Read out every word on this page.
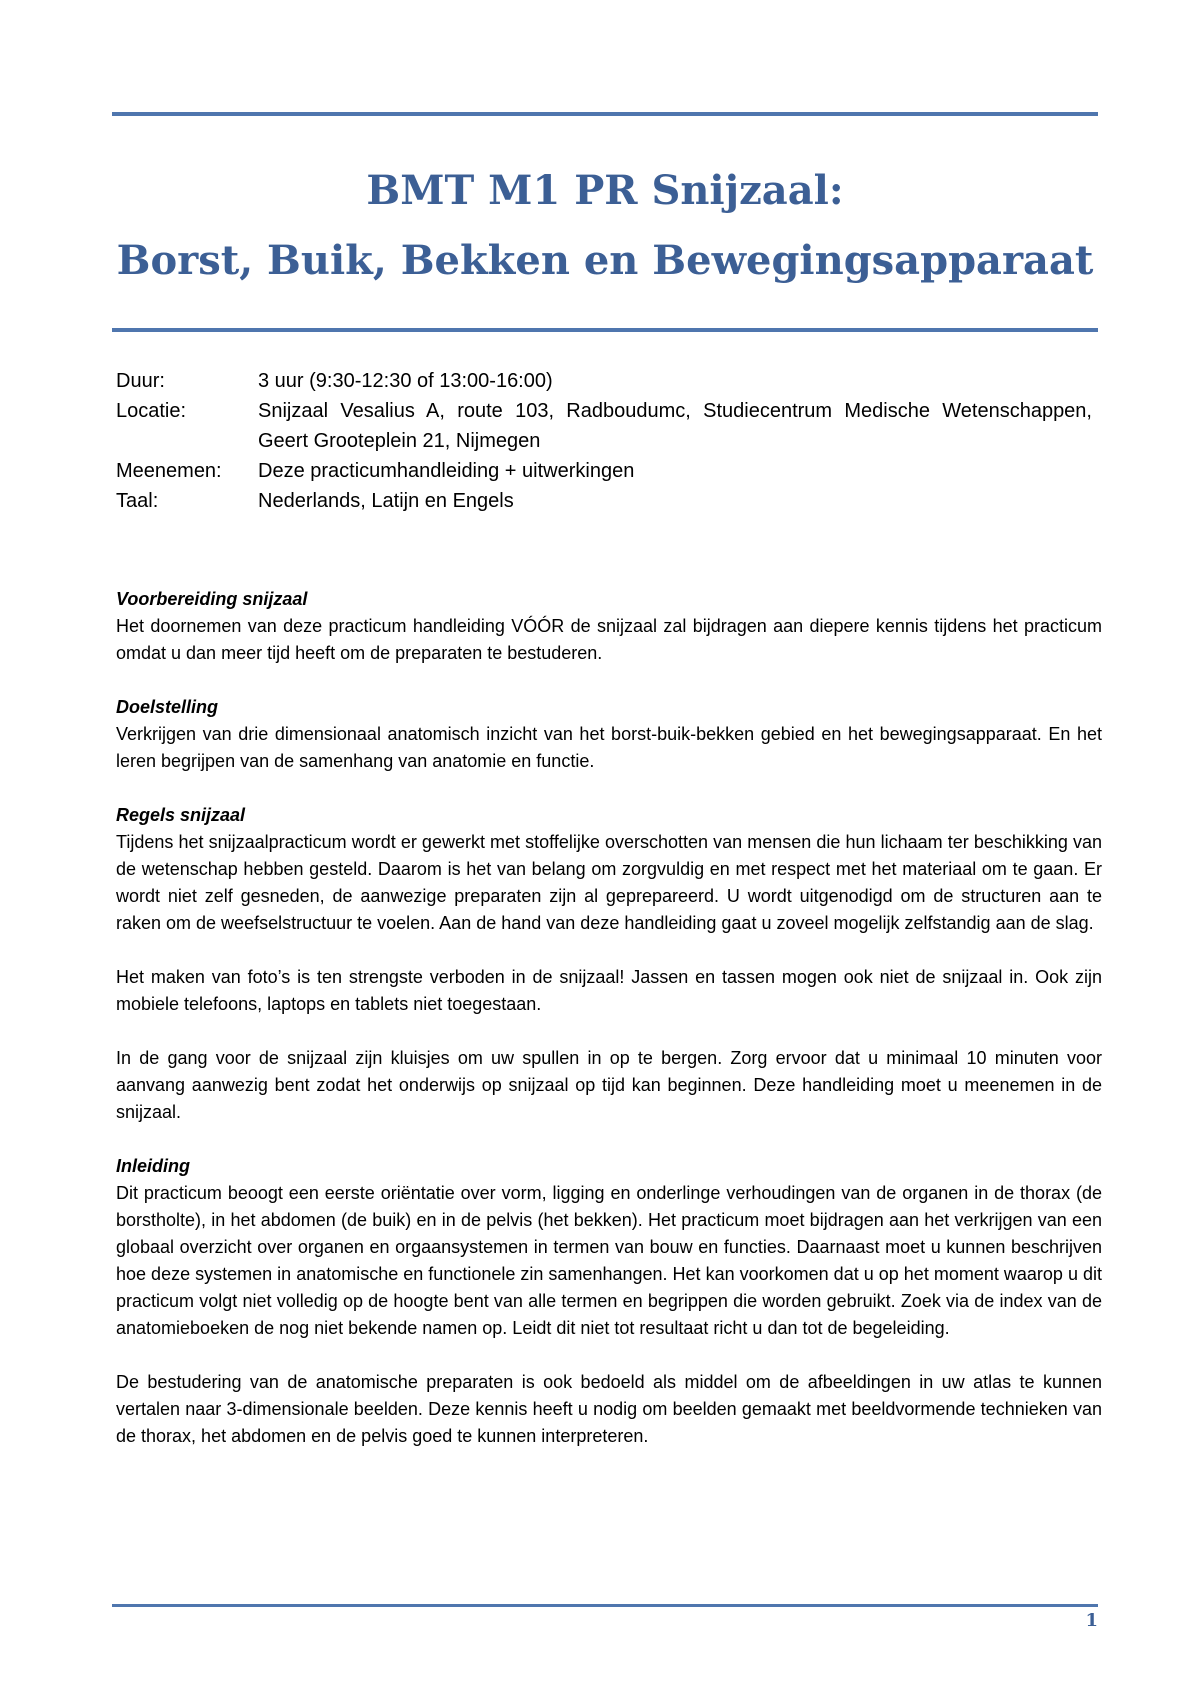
BMT M1 PR Snijzaal:
Borst, Buik, Bekken en Bewegingsapparaat
Duur:	3 uur (9:30-12:30 of 13:00-16:00)
Locatie:	Snijzaal Vesalius A, route 103, Radboudumc, Studiecentrum Medische Wetenschappen, Geert Grooteplein 21, Nijmegen
Meenemen:	Deze practicumhandleiding + uitwerkingen
Taal:	Nederlands, Latijn en Engels

Voorbereiding snijzaal

Het doornemen van deze practicum handleiding VÓÓR de snijzaal zal bijdragen aan diepere kennis tijdens het practicum omdat u dan meer tijd heeft om de preparaten te bestuderen.

Doelstelling

Verkrijgen van drie dimensionaal anatomisch inzicht van het borst-buik-bekken gebied en het bewegingsapparaat. En het leren begrijpen van de samenhang van anatomie en functie.

Regels snijzaal

Tijdens het snijzaalpracticum wordt er gewerkt met stoffelijke overschotten van mensen die hun lichaam ter beschikking van de wetenschap hebben gesteld. Daarom is het van belang om zorgvuldig en met respect met het materiaal om te gaan. Er wordt niet zelf gesneden, de aanwezige preparaten zijn al geprepareerd. U wordt uitgenodigd om de structuren aan te raken om de weefselstructuur te voelen. Aan de hand van deze handleiding gaat u zoveel mogelijk zelfstandig aan de slag.

Het maken van foto’s is ten strengste verboden in de snijzaal! Jassen en tassen mogen ook niet de snijzaal in. Ook zijn mobiele telefoons, laptops en tablets niet toegestaan.

In de gang voor de snijzaal zijn kluisjes om uw spullen in op te bergen. Zorg ervoor dat u minimaal 10 minuten voor aanvang aanwezig bent zodat het onderwijs op snijzaal op tijd kan beginnen. Deze handleiding moet u meenemen in de snijzaal.

Inleiding

Dit practicum beoogt een eerste oriëntatie over vorm, ligging en onderlinge verhoudingen van de organen in de thorax (de borstholte), in het abdomen (de buik) en in de pelvis (het bekken). Het practicum moet bijdragen aan het verkrijgen van een globaal overzicht over organen en orgaansystemen in termen van bouw en functies. Daarnaast moet u kunnen beschrijven hoe deze systemen in anatomische en functionele zin samenhangen. Het kan voorkomen dat u op het moment waarop u dit practicum volgt niet volledig op de hoogte bent van alle termen en begrippen die worden gebruikt. Zoek via de index van de anatomieboeken de nog niet bekende namen op. Leidt dit niet tot resultaat richt u dan tot de begeleiding.

De bestudering van de anatomische preparaten is ook bedoeld als middel om de afbeeldingen in uw atlas te kunnen vertalen naar 3-dimensionale beelden. Deze kennis heeft u nodig om beelden gemaakt met beeldvormende technieken van de thorax, het abdomen en de pelvis goed te kunnen interpreteren.

1
